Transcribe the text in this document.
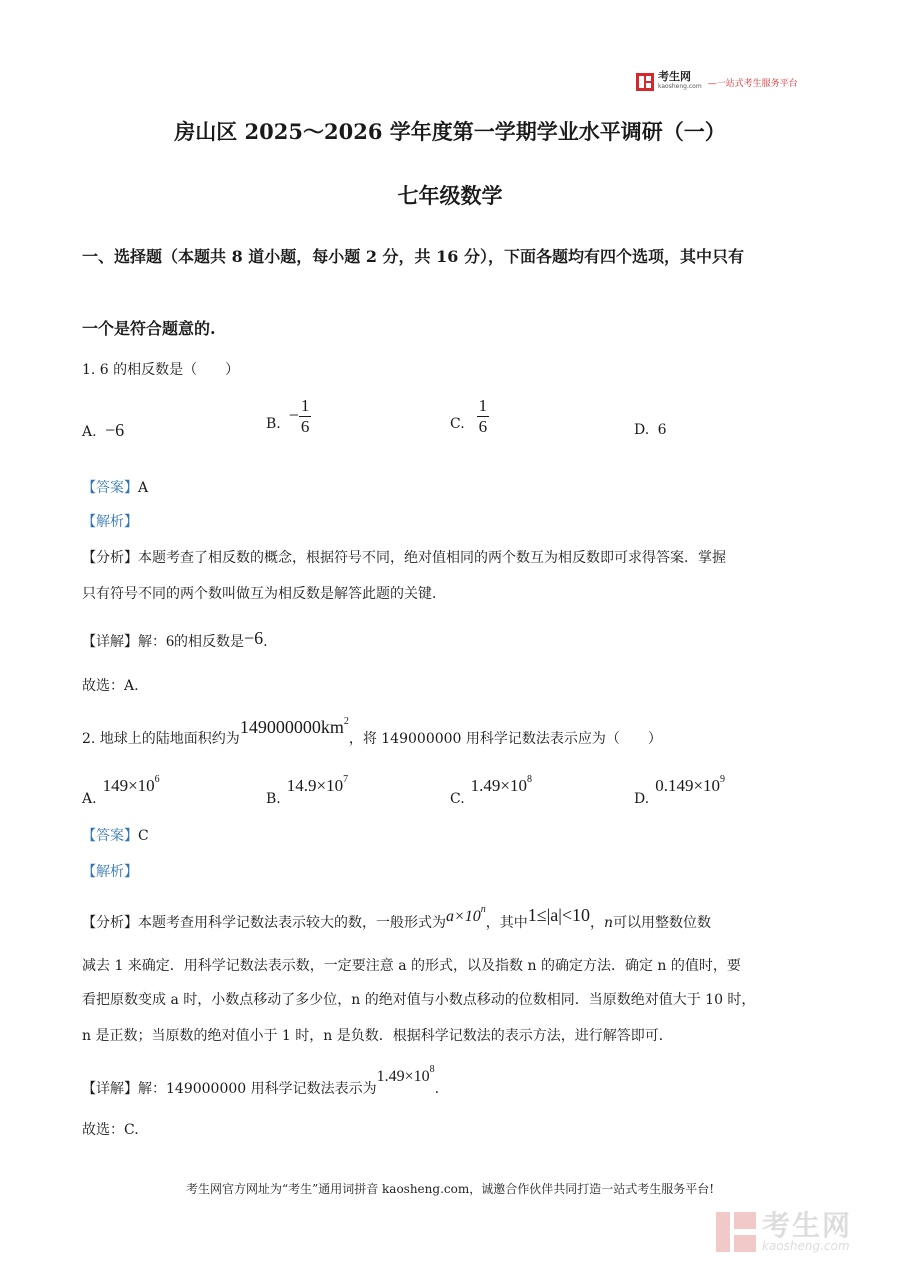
考生网
kaosheng.com —一站式考生服务平台
房山区 2025～2026 学年度第一学期学业水平调研（一）
七年级数学
一、选择题（本题共 8 道小题，每小题 2 分，共 16 分），下面各题均有四个选项，其中只有
一个是符合题意的.
1. 6 的相反数是（　　）
A. −6	B. − $\frac{1}{6}$	C. $\frac{1}{6}$	D. 6
【答案】A
【解析】
【分析】本题考查了相反数的概念，根据符号不同，绝对值相同的两个数互为相反数即可求得答案．掌握
只有符号不同的两个数叫做互为相反数是解答此题的关键．
【详解】解：6的相反数是−6.
故选：A.
2. 地球上的陆地面积约为$149000000km^2$，将 149000000 用科学记数法表示应为（　　）
$A.149\times 10^6$
$B.14.9\times 10^7$
$C.1.49\times 10^8$
$D.0.149\times 10^9$
【答案】C
【解析】
【分析】本题考查用科学记数法表示较大的数，一般形式为$a\times 10^n$，其中1≤|a|<10，n可以用整数位数
减去 1 来确定．用科学记数法表示数，一定要注意 a 的形式，以及指数 n 的确定方法．确定 n 的值时，要
看把原数变成 a 时，小数点移动了多少位，n 的绝对值与小数点移动的位数相同．当原数绝对值大于 10 时，
n 是正数；当原数的绝对值小于 1 时，n 是负数．根据科学记数法的表示方法，进行解答即可．
【详解】解：149000000 用科学记数法表示为$1.49\times 10^8$.
故选：C.
考生网官方网址为“考生”通用词拼音 kaosheng.com，诚邀合作伙伴共同打造一站式考生服务平台!
考生网
kaosheng.com
